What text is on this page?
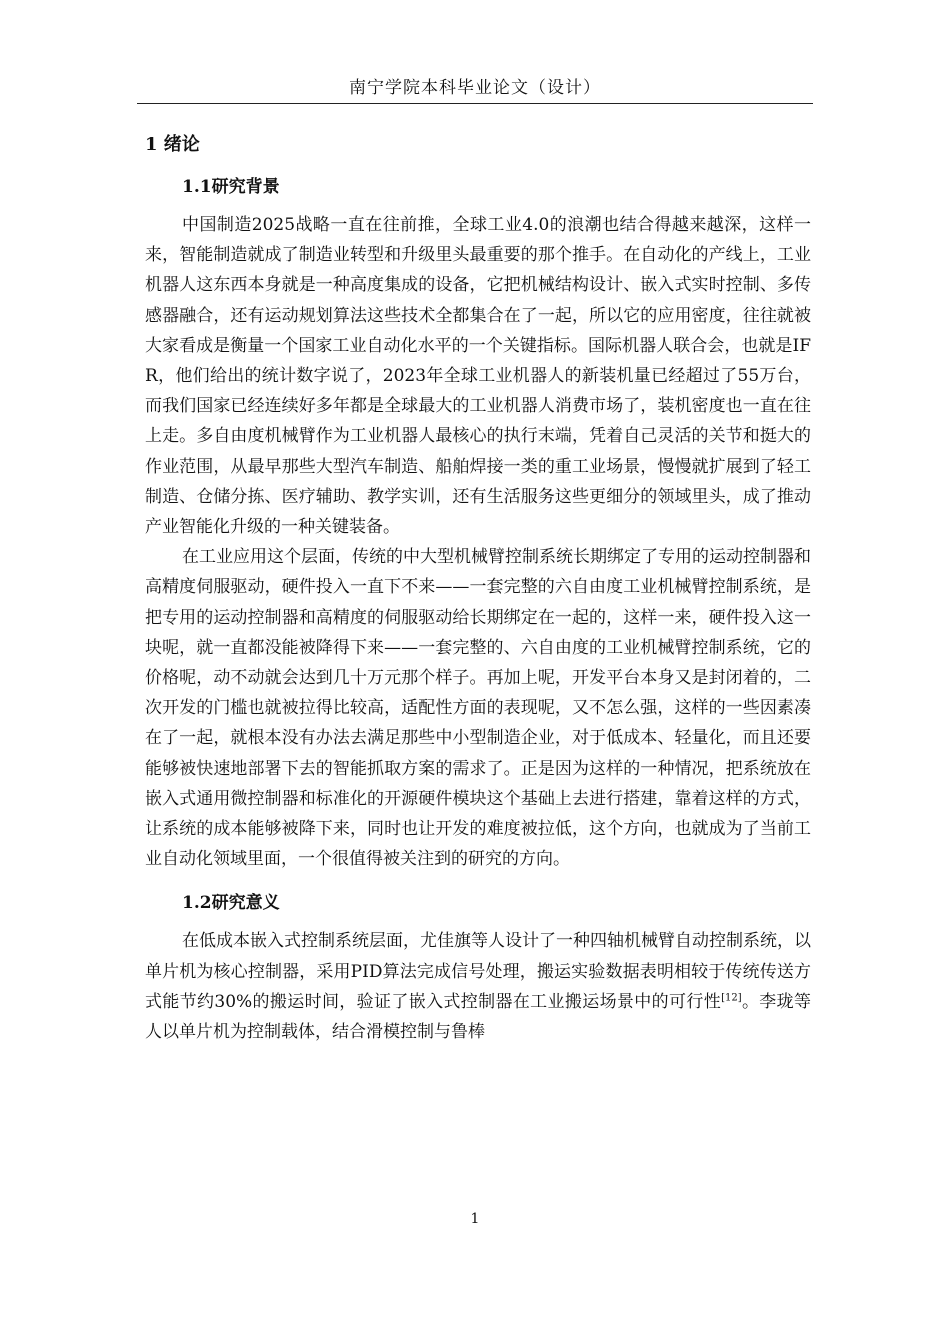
南宁学院本科毕业论文（设计）
1 绪论
1.1研究背景

中国制造2025战略一直在往前推，全球工业4.0的浪潮也结合得越来越深，这样一来，智能制造就成了制造业转型和升级里头最重要的那个推手。在自动化的产线上，工业机器人这东西本身就是一种高度集成的设备，它把机械结构设计、嵌入式实时控制、多传感器融合，还有运动规划算法这些技术全都集合在了一起，所以它的应用密度，往往就被大家看成是衡量一个国家工业自动化水平的一个关键指标。国际机器人联合会，也就是IFR，他们给出的统计数字说了，2023年全球工业机器人的新装机量已经超过了55万台，而我们国家已经连续好多年都是全球最大的工业机器人消费市场了，装机密度也一直在往上走。多自由度机械臂作为工业机器人最核心的执行末端，凭着自己灵活的关节和挺大的作业范围，从最早那些大型汽车制造、船舶焊接一类的重工业场景，慢慢就扩展到了轻工制造、仓储分拣、医疗辅助、教学实训，还有生活服务这些更细分的领域里头，成了推动产业智能化升级的一种关键装备。

在工业应用这个层面，传统的中大型机械臂控制系统长期绑定了专用的运动控制器和高精度伺服驱动，硬件投入一直下不来——一套完整的六自由度工业机械臂控制系统，是把专用的运动控制器和高精度的伺服驱动给长期绑定在一起的，这样一来，硬件投入这一块呢，就一直都没能被降得下来——一套完整的、六自由度的工业机械臂控制系统，它的价格呢，动不动就会达到几十万元那个样子。再加上呢，开发平台本身又是封闭着的，二次开发的门槛也就被拉得比较高，适配性方面的表现呢，又不怎么强，这样的一些因素凑在了一起，就根本没有办法去满足那些中小型制造企业，对于低成本、轻量化，而且还要能够被快速地部署下去的智能抓取方案的需求了。正是因为这样的一种情况，把系统放在嵌入式通用微控制器和标准化的开源硬件模块这个基础上去进行搭建，靠着这样的方式，让系统的成本能够被降下来，同时也让开发的难度被拉低，这个方向，也就成为了当前工业自动化领域里面，一个很值得被关注到的研究的方向。

1.2研究意义

在低成本嵌入式控制系统层面，尤佳旗等人设计了一种四轴机械臂自动控制系统，以单片机为核心控制器，采用PID算法完成信号处理，搬运实验数据表明相较于传统传送方式能节约30%的搬运时间，验证了嵌入式控制器在工业搬运场景中的可行性[12]。李珑等人以单片机为控制载体，结合滑模控制与鲁棒

1
